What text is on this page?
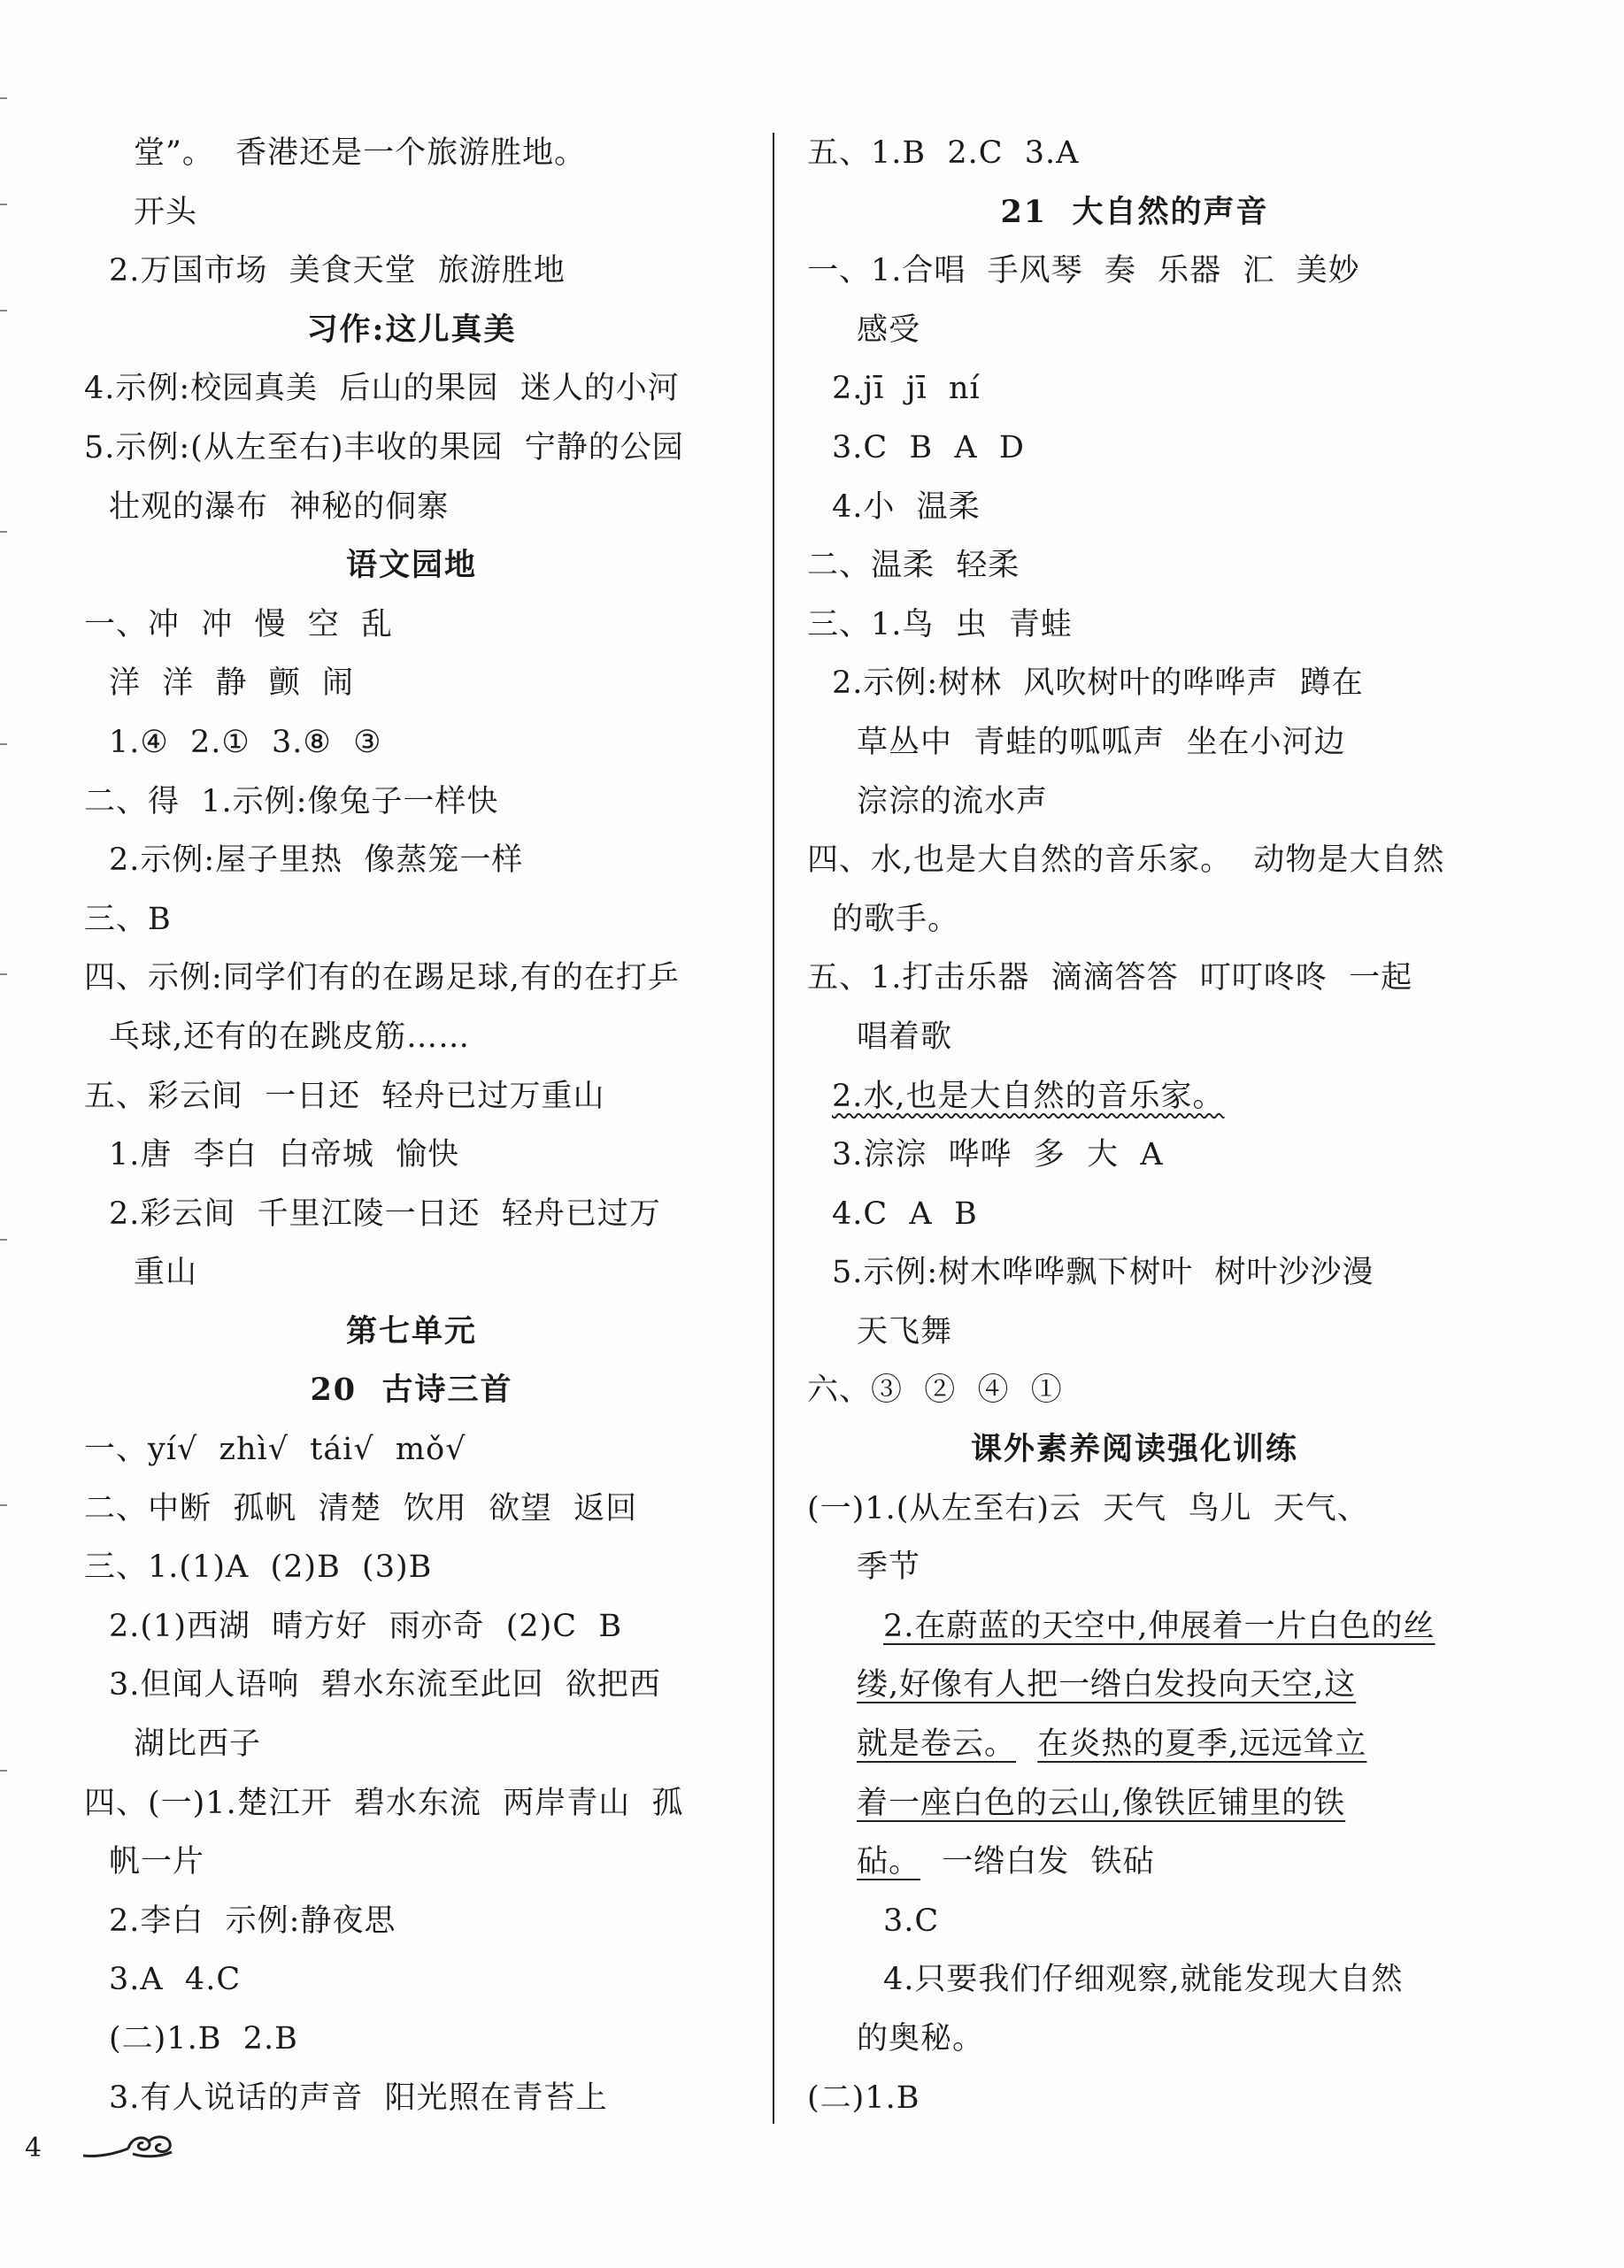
堂”。  香港还是一个旅游胜地。
开头
2.万国市场  美食天堂  旅游胜地
习作:这儿真美
4.示例:校园真美  后山的果园  迷人的小河
5.示例:(从左至右)丰收的果园  宁静的公园
壮观的瀑布  神秘的侗寨
语文园地
一、冲  冲  慢  空  乱
洋  洋  静  颤  闹
1.④  2.①  3.⑧  ③
二、得  1.示例:像兔子一样快
2.示例:屋子里热  像蒸笼一样
三、B
四、示例:同学们有的在踢足球,有的在打乒
乓球,还有的在跳皮筋……
五、彩云间  一日还  轻舟已过万重山
1.唐  李白  白帝城  愉快
2.彩云间  千里江陵一日还  轻舟已过万
重山
第七单元
20  古诗三首
一、yí√  zhì√  tái√  mǒ√
二、中断  孤帆  清楚  饮用  欲望  返回
三、1.(1)A  (2)B  (3)B
2.(1)西湖  晴方好  雨亦奇  (2)C  B
3.但闻人语响  碧水东流至此回  欲把西
湖比西子
四、(一)1.楚江开  碧水东流  两岸青山  孤
帆一片
2.李白  示例:静夜思
3.A  4.C
(二)1.B  2.B
3.有人说话的声音  阳光照在青苔上
五、1.B  2.C  3.A
21  大自然的声音
一、1.合唱  手风琴  奏  乐器  汇  美妙
感受
2.jī  jī  ní
3.C  B  A  D
4.小  温柔
二、温柔  轻柔
三、1.鸟  虫  青蛙
2.示例:树林  风吹树叶的哗哗声  蹲在
草丛中  青蛙的呱呱声  坐在小河边
淙淙的流水声
四、水,也是大自然的音乐家。  动物是大自然
的歌手。
五、1.打击乐器  滴滴答答  叮叮咚咚  一起
唱着歌
2.水,也是大自然的音乐家。
3.淙淙  哗哗  多  大  A
4.C  A  B
5.示例:树木哗哗飘下树叶  树叶沙沙漫
天飞舞
六、③  ②  ④  ①
课外素养阅读强化训练
(一)1.(从左至右)云  天气  鸟儿  天气、
季节
2.在蔚蓝的天空中,伸展着一片白色的丝
缕,好像有人把一绺白发投向天空,这
就是卷云。 在炎热的夏季,远远耸立
着一座白色的云山,像铁匠铺里的铁
砧。  一绺白发  铁砧
3.C
4.只要我们仔细观察,就能发现大自然
的奥秘。
(二)1.B
4
